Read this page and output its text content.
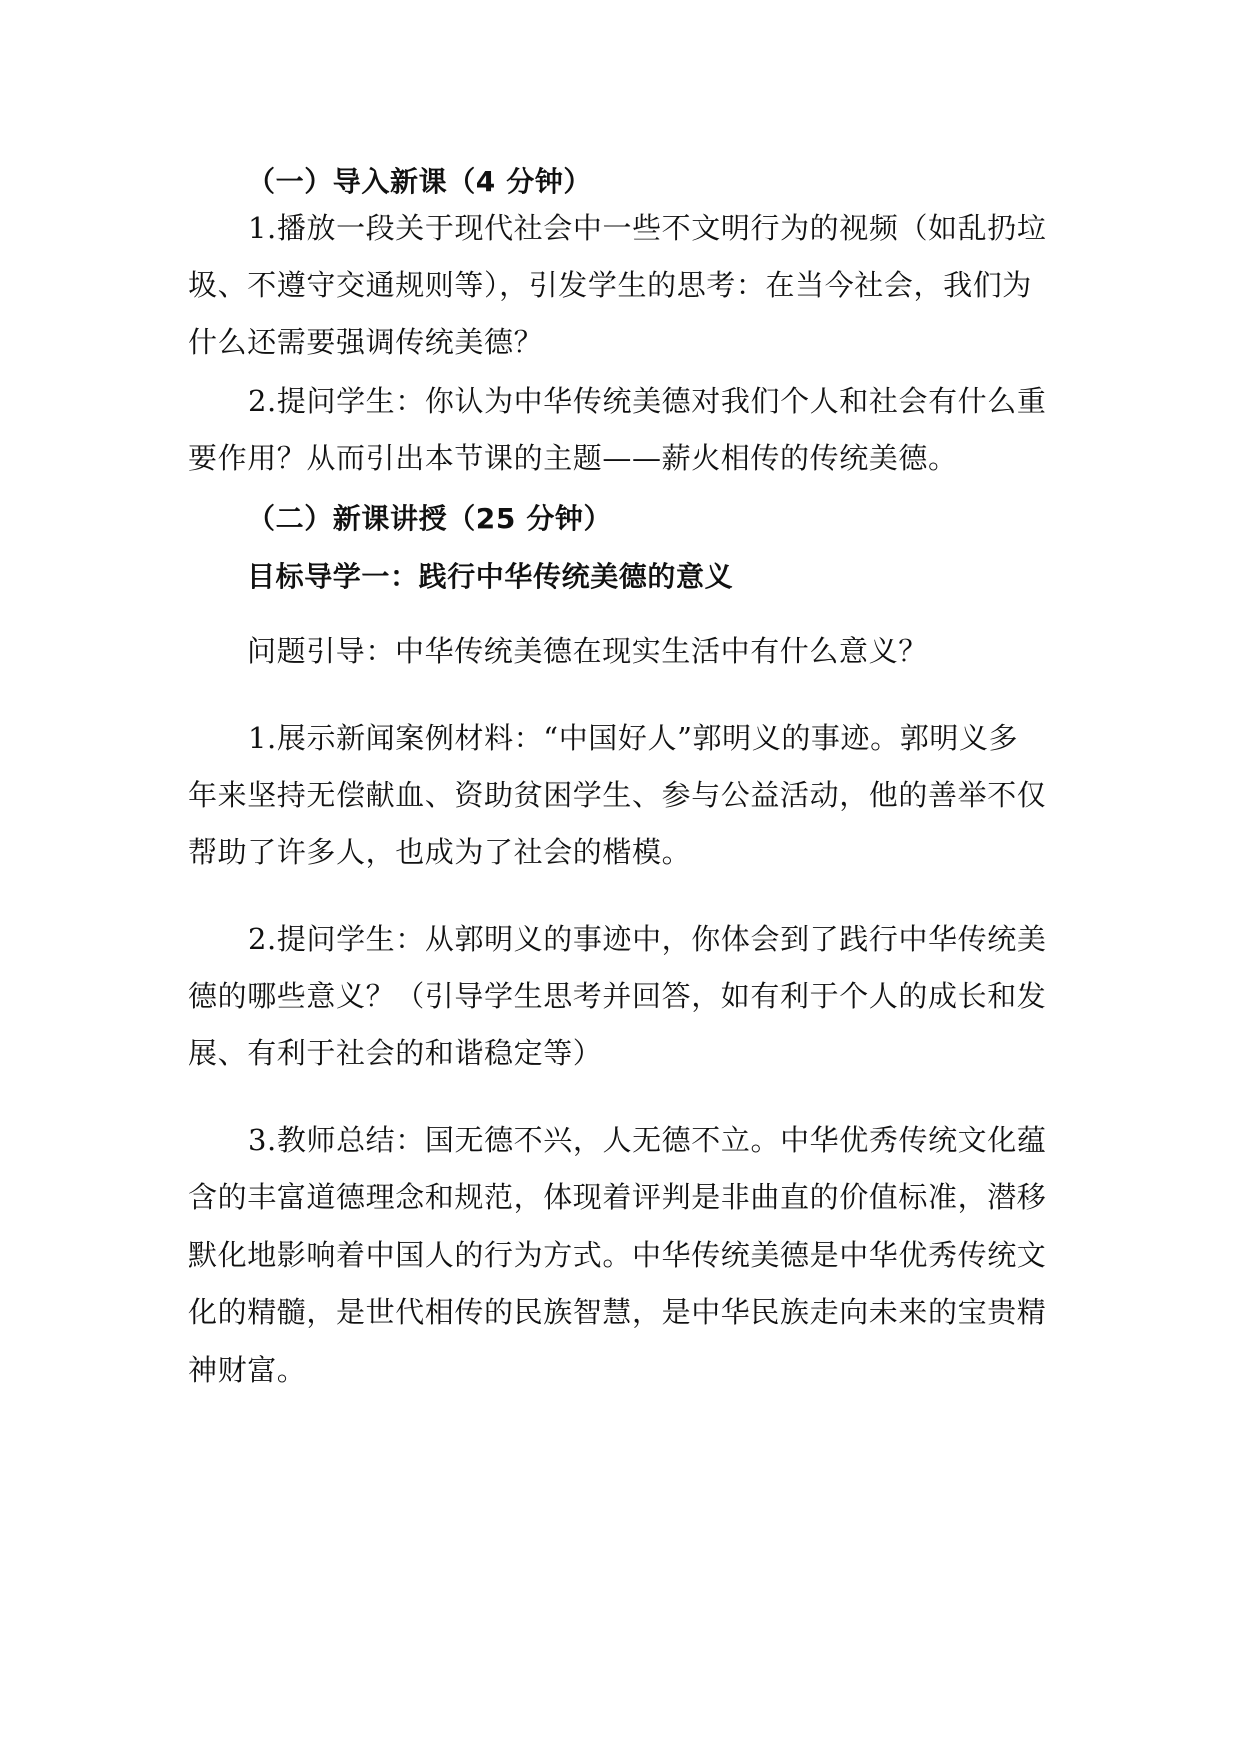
（一）导入新课（4 分钟）
1.播放一段关于现代社会中一些不文明行为的视频（如乱扔垃
圾、不遵守交通规则等），引发学生的思考：在当今社会，我们为
什么还需要强调传统美德？
2.提问学生：你认为中华传统美德对我们个人和社会有什么重
要作用？从而引出本节课的主题——薪火相传的传统美德。
（二）新课讲授（25 分钟）
目标导学一：践行中华传统美德的意义
问题引导：中华传统美德在现实生活中有什么意义？
1.展示新闻案例材料：“中国好人”郭明义的事迹。郭明义多
年来坚持无偿献血、资助贫困学生、参与公益活动，他的善举不仅
帮助了许多人，也成为了社会的楷模。
2.提问学生：从郭明义的事迹中，你体会到了践行中华传统美
德的哪些意义？（引导学生思考并回答，如有利于个人的成长和发
展、有利于社会的和谐稳定等）
3.教师总结：国无德不兴，人无德不立。中华优秀传统文化蕴
含的丰富道德理念和规范，体现着评判是非曲直的价值标准，潜移
默化地影响着中国人的行为方式。中华传统美德是中华优秀传统文
化的精髓，是世代相传的民族智慧，是中华民族走向未来的宝贵精
神财富。
